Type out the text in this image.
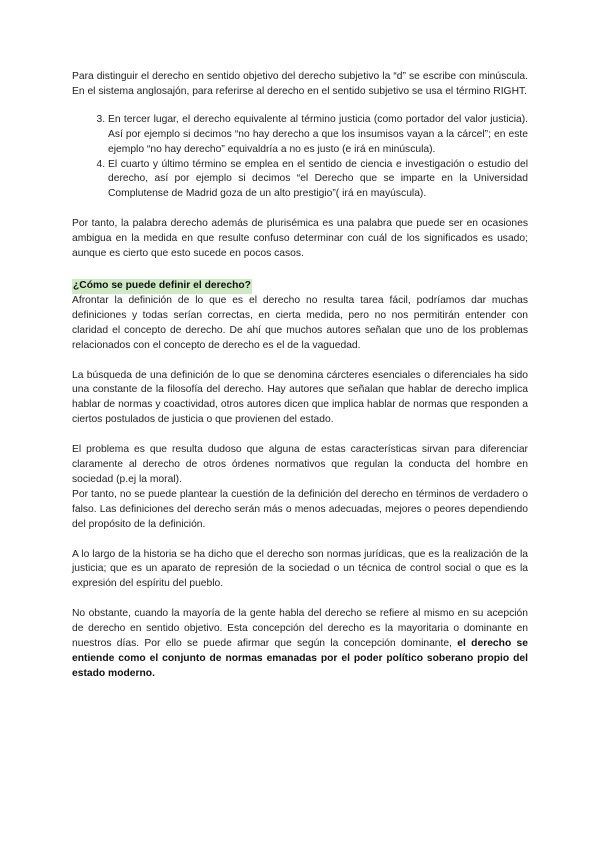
Para distinguir el derecho en sentido objetivo del derecho subjetivo la “d” se escribe con minúscula. En el sistema anglosajón, para referirse al derecho en el sentido subjetivo se usa el término RIGHT.

3. En tercer lugar, el derecho equivalente al término justicia (como portador del valor justicia). Así por ejemplo si decimos “no hay derecho a que los insumisos vayan a la cárcel”; en este ejemplo “no hay derecho” equivaldría a no es justo (e irá en minúscula).
4. El cuarto y último término se emplea en el sentido de ciencia e investigación o estudio del derecho, así por ejemplo si decimos “el Derecho que se imparte en la Universidad Complutense de Madrid goza de un alto prestigio”( irá en mayúscula).

Por tanto, la palabra derecho además de plurisémica es una palabra que puede ser en ocasiones ambigua en la medida en que resulte confuso determinar con cuál de los significados es usado; aunque es cierto que esto sucede en pocos casos.

¿Cómo se puede definir el derecho?

Afrontar la definición de lo que es el derecho no resulta tarea fácil, podríamos dar muchas definiciones y todas serían correctas, en cierta medida, pero no nos permitirán entender con claridad el concepto de derecho. De ahí que muchos autores señalan que uno de los problemas relacionados con el concepto de derecho es el de la vaguedad.

La búsqueda de una definición de lo que se denomina cárcteres esenciales o diferenciales ha sido una constante de la filosofía del derecho. Hay autores que señalan que hablar de derecho implica hablar de normas y coactividad, otros autores dicen que implica hablar de normas que responden a ciertos postulados de justicia o que provienen del estado.

El problema es que resulta dudoso que alguna de estas características sirvan para diferenciar claramente al derecho de otros órdenes normativos que regulan la conducta del hombre en sociedad (p.ej la moral).

Por tanto, no se puede plantear la cuestión de la definición del derecho en términos de verdadero o falso. Las definiciones del derecho serán más o menos adecuadas, mejores o peores dependiendo del propósito de la definición.

A lo largo de la historia se ha dicho que el derecho son normas jurídicas, que es la realización de la justicia; que es un aparato de represión de la sociedad o un técnica de control social o que es la expresión del espíritu del pueblo.

No obstante, cuando la mayoría de la gente habla del derecho se refiere al mismo en su acepción de derecho en sentido objetivo. Esta concepción del derecho es la mayoritaria o dominante en nuestros días. Por ello se puede afirmar que según la concepción dominante, el derecho se entiende como el conjunto de normas emanadas por el poder político soberano propio del estado moderno.
